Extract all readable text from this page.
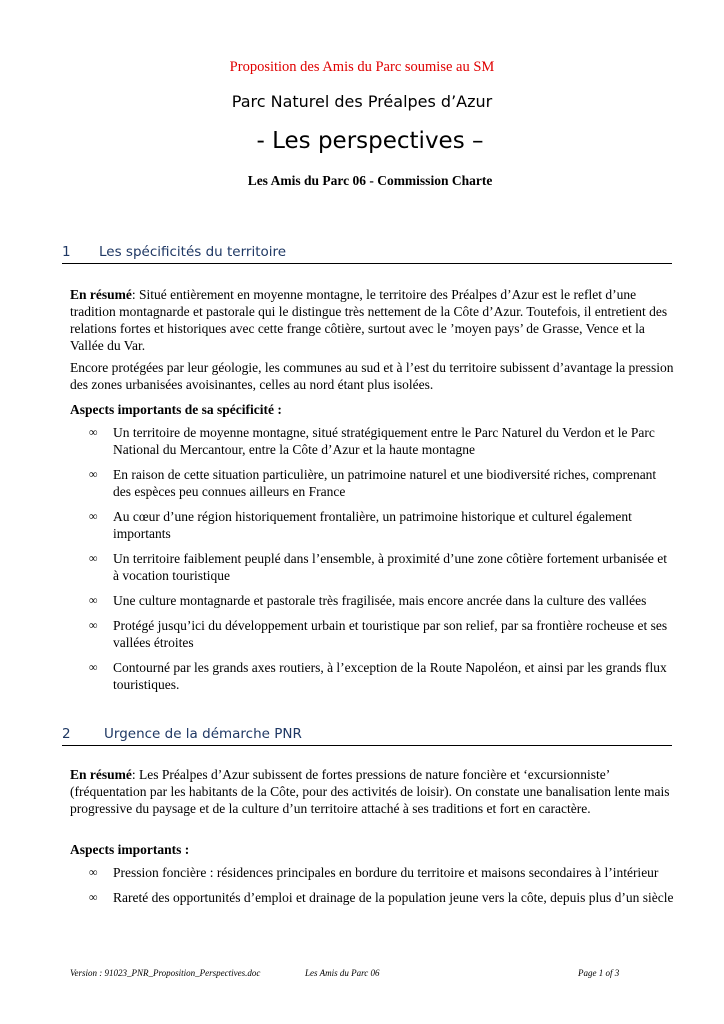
Proposition des Amis du Parc soumise au SM
Parc Naturel des Préalpes d’Azur
- Les perspectives –
Les Amis du Parc 06 - Commission Charte
1 Les spécificités du territoire

En résumé: Situé entièrement en moyenne montagne, le territoire des Préalpes d’Azur est le reflet d’une tradition montagnarde et pastorale qui le distingue très nettement de la Côte d’Azur. Toutefois, il entretient des relations fortes et historiques avec cette frange côtière, surtout avec le ’moyen pays’ de Grasse, Vence et la Vallée du Var.

Encore protégées par leur géologie, les communes au sud et à l’est du territoire subissent d’avantage la pression des zones urbanisées avoisinantes, celles au nord étant plus isolées.

Aspects importants de sa spécificité :
∞ Un territoire de moyenne montagne, situé stratégiquement entre le Parc Naturel du Verdon et le Parc National du Mercantour, entre la Côte d’Azur et la haute montagne
∞ En raison de cette situation particulière, un patrimoine naturel et une biodiversité riches, comprenant des espèces peu connues ailleurs en France
∞ Au cœur d’une région historiquement frontalière, un patrimoine historique et culturel également importants
∞ Un territoire faiblement peuplé dans l’ensemble, à proximité d’une zone côtière fortement urbanisée et à vocation touristique
∞ Une culture montagnarde et pastorale très fragilisée, mais encore ancrée dans la culture des vallées
∞ Protégé jusqu’ici du développement urbain et touristique par son relief, par sa frontière rocheuse et ses vallées étroites
∞ Contourné par les grands axes routiers, à l’exception de la Route Napoléon, et ainsi par les grands flux touristiques.
2 Urgence de la démarche PNR

En résumé: Les Préalpes d’Azur subissent de fortes pressions de nature foncière et ‘excursionniste’ (fréquentation par les habitants de la Côte, pour des activités de loisir). On constate une banalisation lente mais progressive du paysage et de la culture d’un territoire attaché à ses traditions et fort en caractère.

Aspects importants :
∞ Pression foncière : résidences principales en bordure du territoire et maisons secondaires à l’intérieur
∞ Rareté des opportunités d’emploi et drainage de la population jeune vers la côte, depuis plus d’un siècle
Version : 91023_PNR_Proposition_Perspectives.doc	Les Amis du Parc 06	Page 1 of 3
